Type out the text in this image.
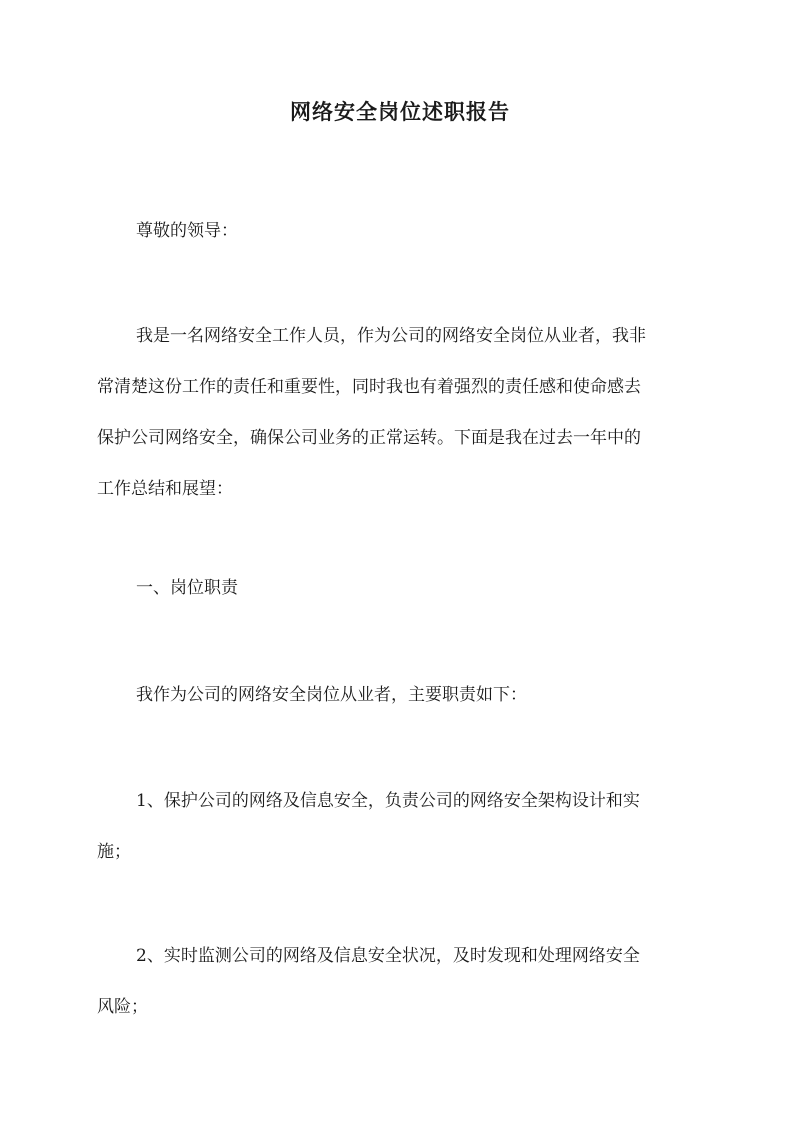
网络安全岗位述职报告

尊敬的领导：

我是一名网络安全工作人员，作为公司的网络安全岗位从业者，我非
常清楚这份工作的责任和重要性，同时我也有着强烈的责任感和使命感去
保护公司网络安全，确保公司业务的正常运转。下面是我在过去一年中的
工作总结和展望：

一、岗位职责

我作为公司的网络安全岗位从业者，主要职责如下：

1、保护公司的网络及信息安全，负责公司的网络安全架构设计和实
施；
2、实时监测公司的网络及信息安全状况，及时发现和处理网络安全
风险；
